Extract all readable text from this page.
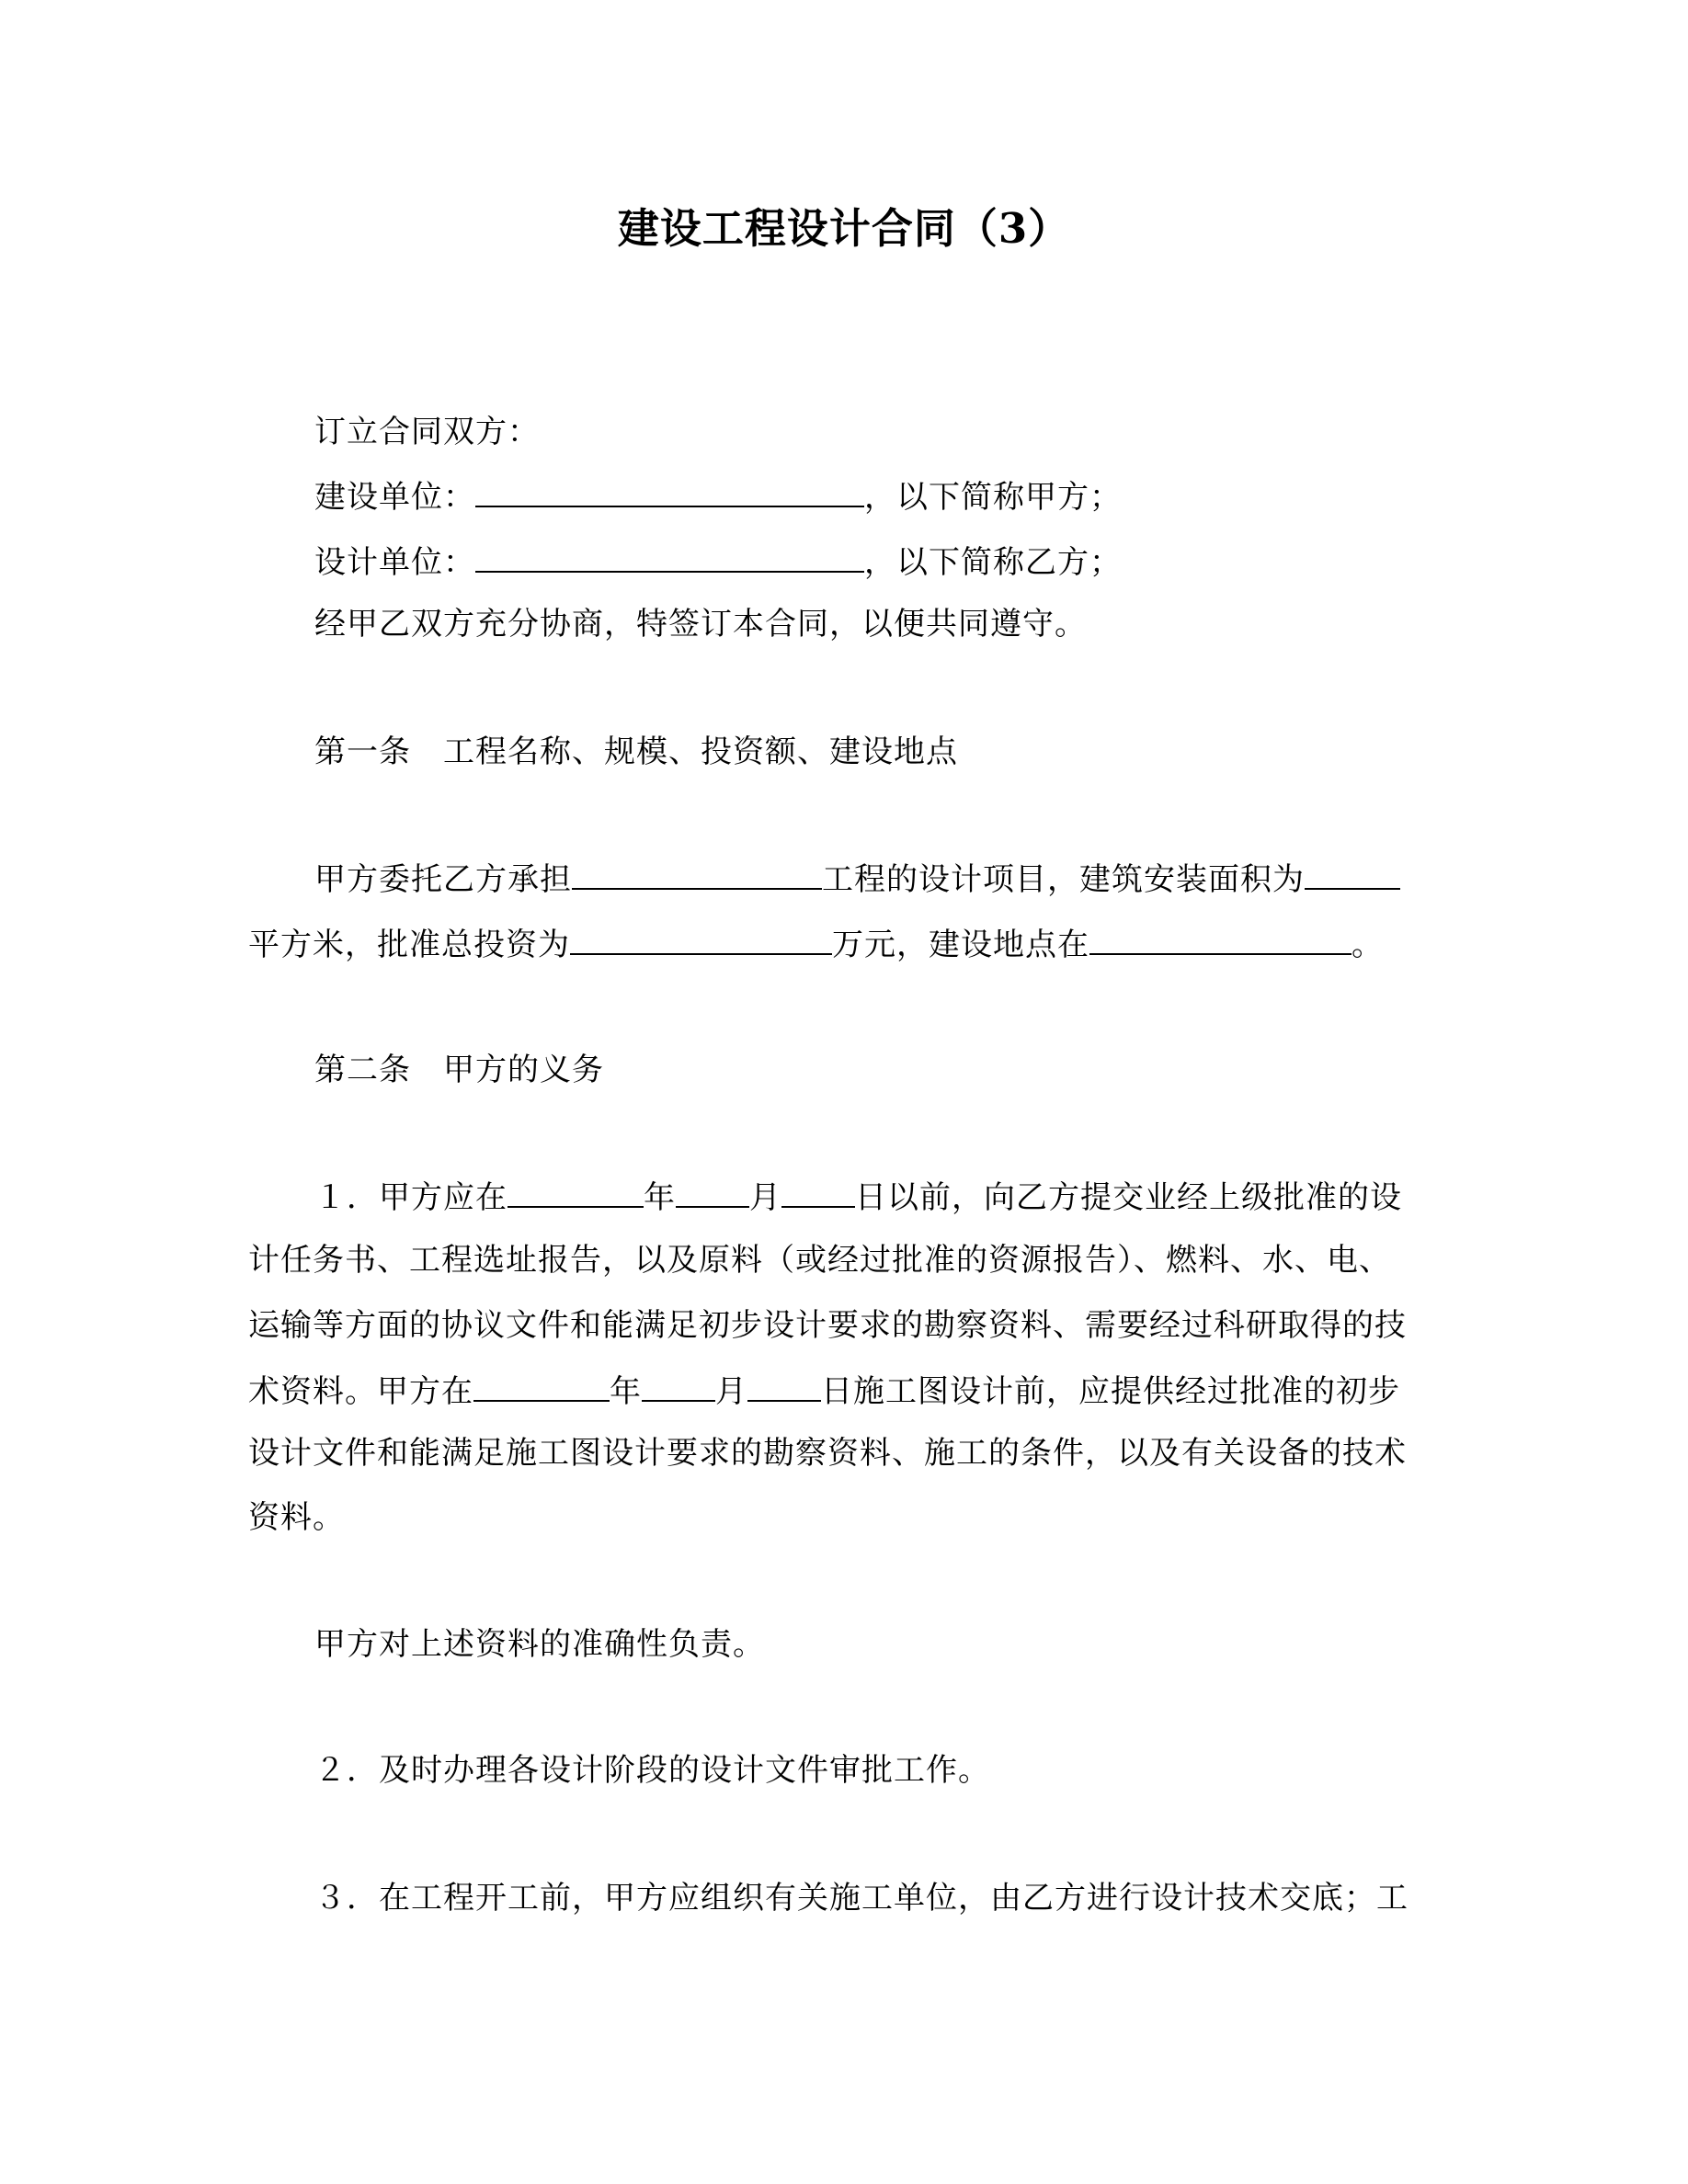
建设工程设计合同（3）
订立合同双方：
建设单位：	，以下简称甲方；
设计单位：	，以下简称乙方；
经甲乙双方充分协商，特签订本合同，以便共同遵守。
第一条　工程名称、规模、投资额、建设地点
甲方委托乙方承担	工程的设计项目，建筑安装面积为
平方米，批准总投资为	万元，建设地点在	。
第二条　甲方的义务
１．甲方应在	年 月 日以前，向乙方提交业经上级批准的设
计任务书、工程选址报告，以及原料（或经过批准的资源报告）、燃料、水、电、
运输等方面的协议文件和能满足初步设计要求的勘察资料、需要经过科研取得的技
术资料。甲方在	年 月 日施工图设计前，应提供经过批准的初步
设计文件和能满足施工图设计要求的勘察资料、施工的条件，以及有关设备的技术
资料。
甲方对上述资料的准确性负责。
２．及时办理各设计阶段的设计文件审批工作。
３．在工程开工前，甲方应组织有关施工单位，由乙方进行设计技术交底；工
